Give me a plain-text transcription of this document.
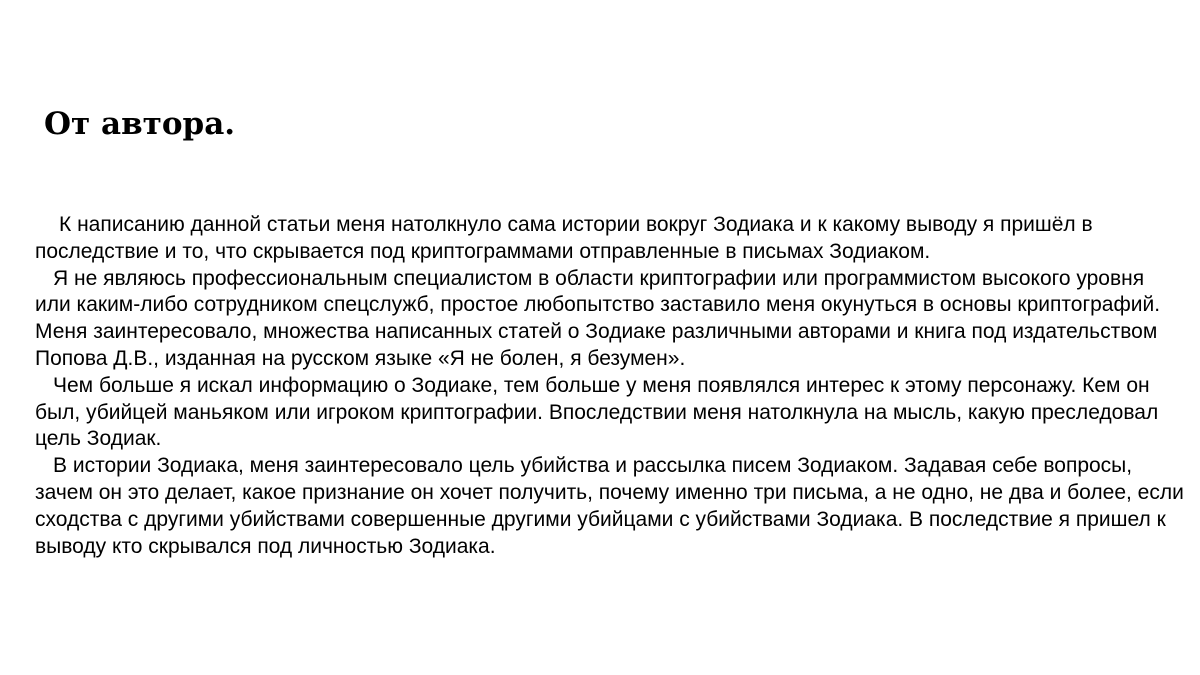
От автора.

К написанию данной статьи меня натолкнуло сама истории вокруг Зодиака и к какому выводу я пришёл в последствие и то, что скрывается под криптограммами отправленные в письмах Зодиаком.

Я не являюсь профессиональным специалистом в области криптографии или программистом высокого уровня или каким-либо сотрудником спецслужб, простое любопытство заставило меня окунуться в основы криптографий. Меня заинтересовало, множества написанных статей о Зодиаке различными авторами и книга под издательством Попова Д.В., изданная на русском языке «Я не болен, я безумен».

Чем больше я искал информацию о Зодиаке, тем больше у меня появлялся интерес к этому персонажу. Кем он был, убийцей маньяком или игроком криптографии. Впоследствии меня натолкнула на мысль, какую преследовал цель Зодиак.

В истории Зодиака, меня заинтересовало цель убийства и рассылка писем Зодиаком. Задавая себе вопросы, зачем он это делает, какое признание он хочет получить, почему именно три письма, а не одно, не два и более, если сходства с другими убийствами совершенные другими убийцами с убийствами Зодиака. В последствие я пришел к выводу кто скрывался под личностью Зодиака.
